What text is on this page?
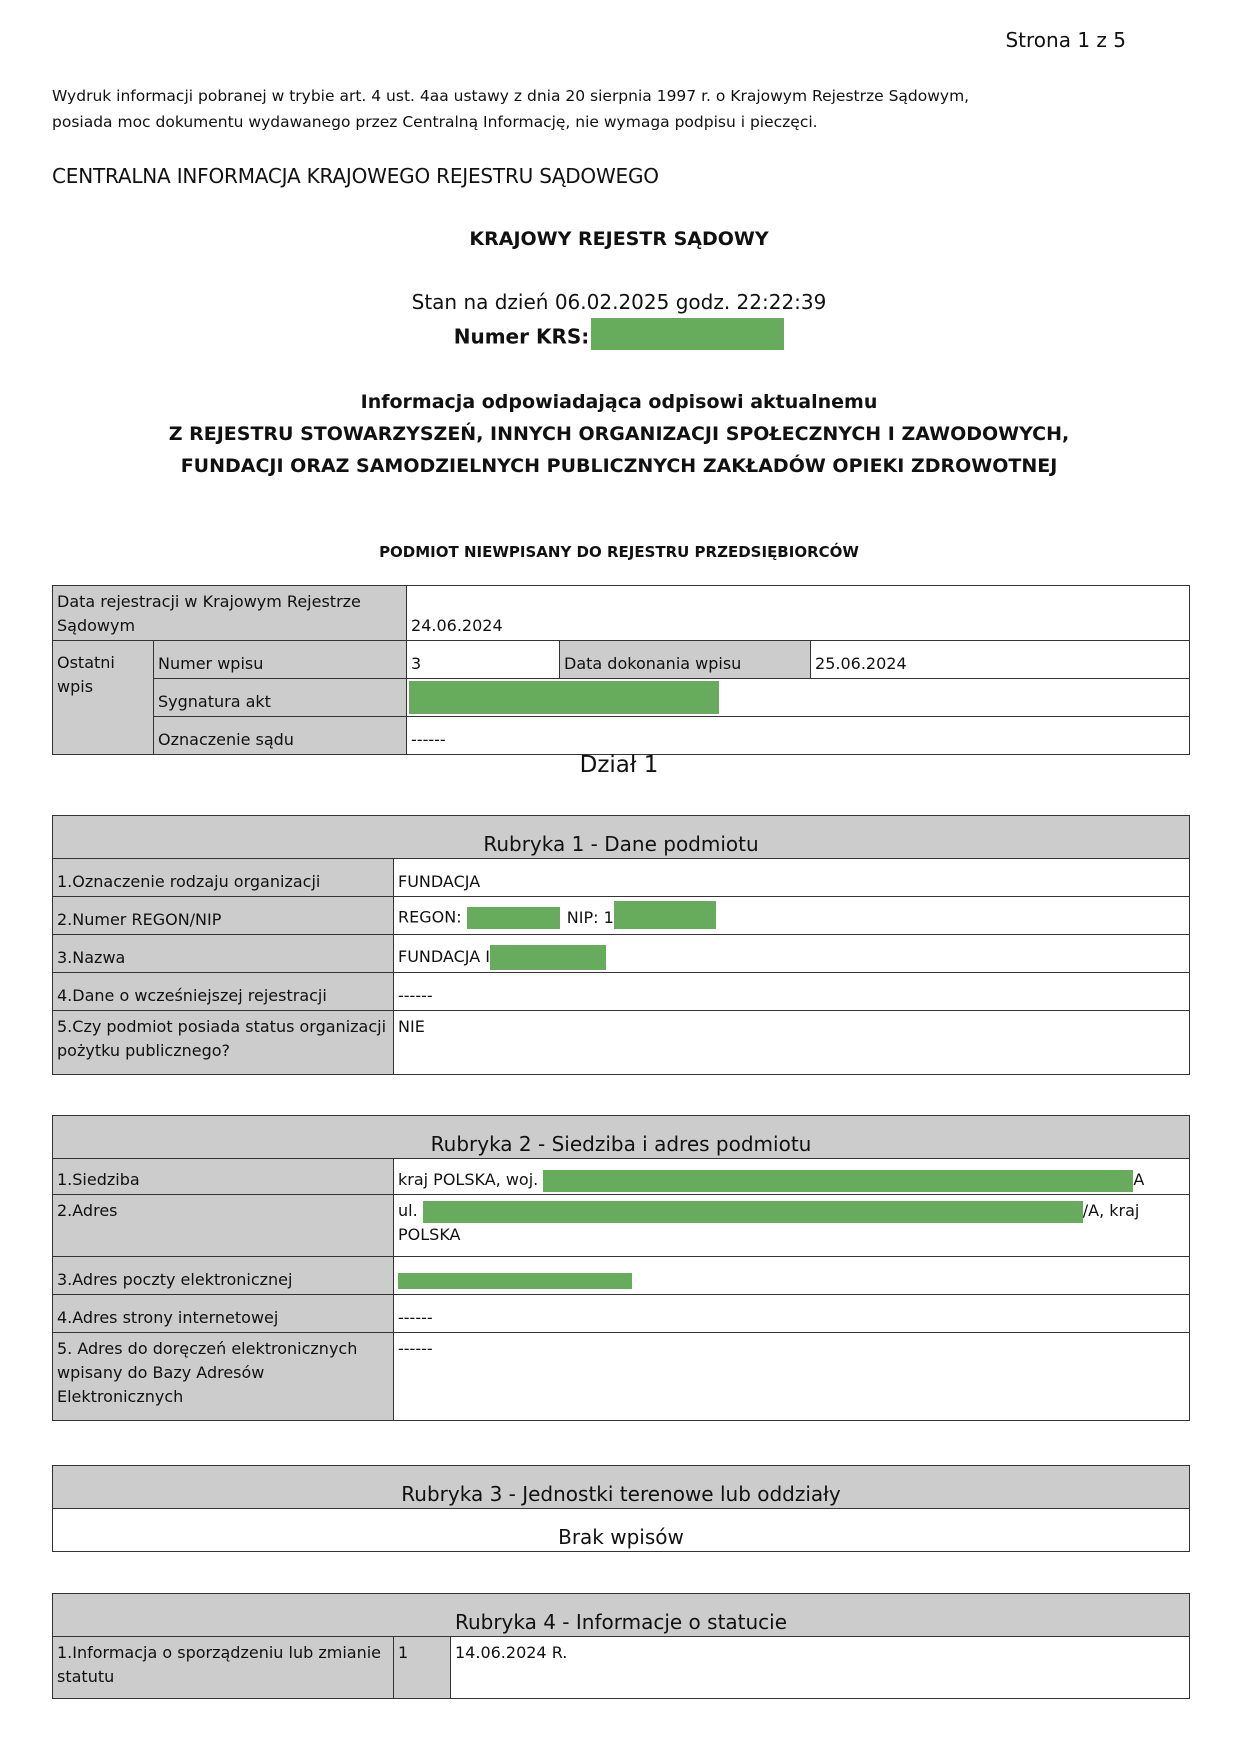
Strona 1 z 5
Wydruk informacji pobranej w trybie art. 4 ust. 4aa ustawy z dnia 20 sierpnia 1997 r. o Krajowym Rejestrze Sądowym,
posiada moc dokumentu wydawanego przez Centralną Informację, nie wymaga podpisu i pieczęci.
CENTRALNA INFORMACJA KRAJOWEGO REJESTRU SĄDOWEGO
KRAJOWY REJESTR SĄDOWY
Stan na dzień 06.02.2025 godz. 22:22:39
Numer KRS:
Informacja odpowiadająca odpisowi aktualnemu
Z REJESTRU STOWARZYSZEŃ, INNYCH ORGANIZACJI SPOŁECZNYCH I ZAWODOWYCH,
FUNDACJI ORAZ SAMODZIELNYCH PUBLICZNYCH ZAKŁADÓW OPIEKI ZDROWOTNEJ
PODMIOT NIEWPISANY DO REJESTRU PRZEDSIĘBIORCÓW
Data rejestracji w Krajowym Rejestrze Sądowym		24.06.2024		
Ostatni wpis	Numer wpisu	3	Data dokonania wpisu	25.06.2024
	Sygnatura akt			
	Oznaczenie sądu	------		
Dział 1
Rubryka 1 - Dane podmiotu	
1.Oznaczenie rodzaju organizacji	FUNDACJA
2.Numer REGON/NIP	REGON: NIP: 1
3.Nazwa	FUNDACJA I
4.Dane o wcześniejszej rejestracji	------
5.Czy podmiot posiada status organizacji pożytku publicznego?	NIE
Rubryka 2 - Siedziba i adres podmiotu	
1.Siedziba	kraj POLSKA, woj. A
2.Adres	ul. /A, kraj
POLSKA
3.Adres poczty elektronicznej	
4.Adres strony internetowej	------
5. Adres do doręczeń elektronicznych wpisany do Bazy Adresów Elektronicznych	------
Rubryka 3 - Jednostki terenowe lub oddziały
Brak wpisów
Rubryka 4 - Informacje o statucie
1.Informacja o sporządzeniu lub zmianie statutu	1	14.06.2024 R.
